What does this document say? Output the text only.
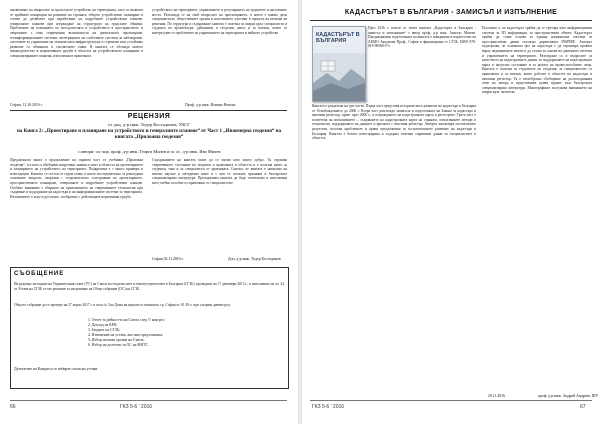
заключение на въпросите за цялостното устройство на територията, като се включат от идейните концепции на развитие на страната, общото устройствено планиране и стоене до детайлите при изработване на подробните устройствени планове, генералните планове при изграждане на структурата на градските общини. Проблемите на познанието по методологията и устройството в пространството и свързаните с това съвременни възможности на дигиталното проектиране, геоинформационните системи, интеграцията на глобалните системи за наблюдение, системите за управление на техническата инфраструктура и стремежа към устойчиво развитие са обхванати в съответните глави. В книгата се обсъжда новото законодателство и нормативната уредба в областта на устройственото планиране и специализираните понятия, използвани в практиката.

устройството на териториите, управлението и регулирането на градовете и населените места. Разглежда се на свой въпросите на проектирането, в които е важно дали специалистите, обществените органи и населението участват в процеса на вземане на решения. По структура и съдържание книгата е полезна за широк кръг специалисти и студенти по архитектура, урбанизъм и геодезия, както и за всички, които се интересуват от проблемите на управлението на територията и нейното устройство.

София, 12.10.2016 г.	Проф. д-р инж. Илияна Ненова
РЕЦЕНЗИЯ
от доц. д-р инж. Тодор Костадинов, УАСГ
на Книга 2: „Проектиране и планиране на устройството и генералните планове“ от Част 1 „Инженерна геодезия“ на книгата „Приложна геодезия“
с автори: чл.-кор. проф. д-р инж. Георги Милев и гл. ас. д-р инж. Иво Милев

Предлаганата книга е продължение на първата част от учебника „Приложна геодезия“, и в нея са обобщени натрупани знания и опит в областта на проектирането и планирането на устройството на територията. Подкрепена е с много примери и илюстрации. Книгата се състои от седем глави, в които последователно са разгледани основните въпроси, свързани с геодезическото осигуряване на проектирането, пространственото планиране, генералните и подробните устройствени планове. Особено внимание е обърнато на приложението на съвременните технологии при създаване и поддържане на кадастъра и на информационните системи за територията. Изложението е ясно и достъпно, съобразено с действащата нормативна уредба.

Съдържанието на книгата може да се оцени като много добро. Тя отразява съвременното състояние на теорията и практиката в областта и е полезна както за студенти, така и за специалисти от практиката. Считам, че книгата е написана на високо научно и методично ниво и с нея се попълва празнина в българската специализирана литература. Препоръчвам книгата да бъде отпечатана и използвана като учебно пособие и справочник от специалистите.

София 02.11.2016 г.	Доц. д-р инж. Тодор Костадинов
СЪОБЩЕНИЕ

На редовно заседание на Управителния съвет (УС) на Съюза на геодезистите и землеустроителите в България (СГЗБ), проведено на 17 декември 2015 г., в изпълнение на чл. 24 от Устава на СГЗБ се взе решение за насрочване на Общо събрание (ОС) на СГЗБ.

Общото събрание да се проведе на 27 април 2017 г. в зала № 3 на Дома на науката и техниката, гр. София от 10.30 ч. при следния дневен ред:

1. Отчет за дейността на Съюза след V конгрес;
2. Доклад на КРК;
3. Бюджет на СГЗБ;
4. Изменение на устава, ако има предложения;
5. Избор на нови органи на Съюза;
6. Избор на делегати за ОС на ФНТС.
Делегатите на Конгреса се избират съгласно устава.
66	ГКЗ 5-6 ' 2016
КАДАСТЪРЪТ В БЪЛГАРИЯ - ЗАМИСЪЛ И ИЗПЪЛНЕНИЕ
КАДАСТЪРЪТ В БЪЛГАРИЯ

През 2016 г. излезе от печат книгата „Кадастърът в България - замисъл и изпълнение“ с автор проф. д-р инж. Анастас Матеев. Предназначена подготовката на книгата е извършена в издателство на АКМО Академик Проф., София и финансирана от СГЗБ. ISBN 978-619-90068-0-3.

Книгата е разделена на три части. Първа част представя историческото развитие на кадастъра в България от Освобождението до 2000 г. Втора част разглежда замисъла и подготовката на Закона за кадастъра и имотния регистър, приет през 2000 г., и изграждането на кадастралната карта и регистрите. Трета част е посветена на изпълнението – създаването на кадастралната карта на страната, използваните методи и технологии, поддържането на данните и връзката с имотния регистър. Авторът анализира постигнатите резултати, посочва проблемите и прави предложения за по-нататъшното развитие на кадастъра в България. Книгата е богато илюстрирана и съдържа полезни справочни данни за специалистите в областта.

Посочено е, че кадастърът трябва да се третира като информационна система за 3D информация, за пространствени обекти. Кадастърът трябва да стане основа за единна национална система за пространствени данни съгласно директивата INSPIRE. Авторът подчертава, че основната цел на кадастъра е да гарантира правата върху недвижимите имоти и да служи за основа на данъчната система и управлението на територията. Разгледани са и въпросите за качеството на кадастралните данни, за поддържането на кадастралната карта в актуално състояние и за ролята на правоспособните лица. Книгата е полезна за студентите по геодезия, за специалистите от практиката и за всички, които работят в областта на кадастъра и имотния регистър. Тя е своеобразно обобщение на дългогодишния опит на автора и представлява ценен принос към българската специализирана литература. Монографията заслужава вниманието на широк кръг читатели.

29.11.2016	проф. д-р инж. Андрей Андреев, ШУ
ГКЗ 5-6 ' 2016	67
